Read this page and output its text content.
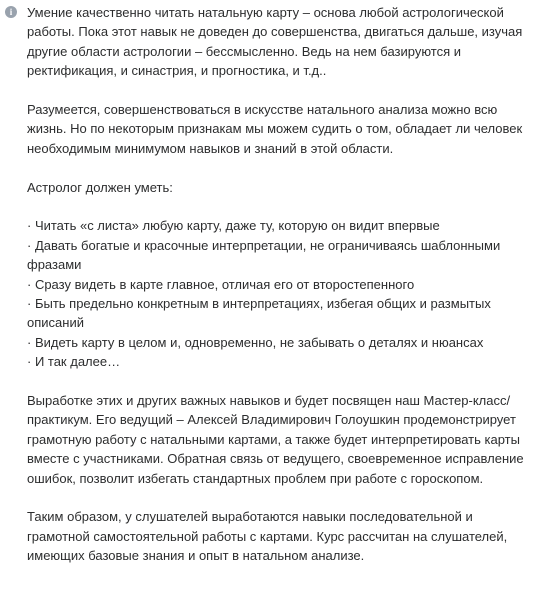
i	Умение качественно читать натальную карту – основа любой астрологической работы. Пока этот навык не доведен до совершенства, двигаться дальше, изучая другие области астрологии – бессмысленно. Ведь на нем базируются и ректификация, и синастрия, и прогностика, и т.д..

Разумеется, совершенствоваться в искусстве натального анализа можно всю жизнь. Но по некоторым признакам мы можем судить о том, обладает ли человек необходимым минимумом навыков и знаний в этой области.

Астролог должен уметь:

· Читать «с листа» любую карту, даже ту, которую он видит впервые
· Давать богатые и красочные интерпретации, не ограничиваясь шаблонными фразами
· Сразу видеть в карте главное, отличая его от второстепенного
· Быть предельно конкретным в интерпретациях, избегая общих и размытых описаний
· Видеть карту в целом и, одновременно, не забывать о деталях и нюансах
· И так далее…

Выработке этих и других важных навыков и будет посвящен наш Мастер-класс/практикум. Его ведущий – Алексей Владимирович Голоушкин продемонстрирует грамотную работу с натальными картами, а также будет интерпретировать карты вместе с участниками. Обратная связь от ведущего, своевременное исправление ошибок, позволит избегать стандартных проблем при работе с гороскопом.

Таким образом, у слушателей выработаются навыки последовательной и грамотной самостоятельной работы с картами. Курс рассчитан на слушателей, имеющих базовые знания и опыт в натальном анализе.
